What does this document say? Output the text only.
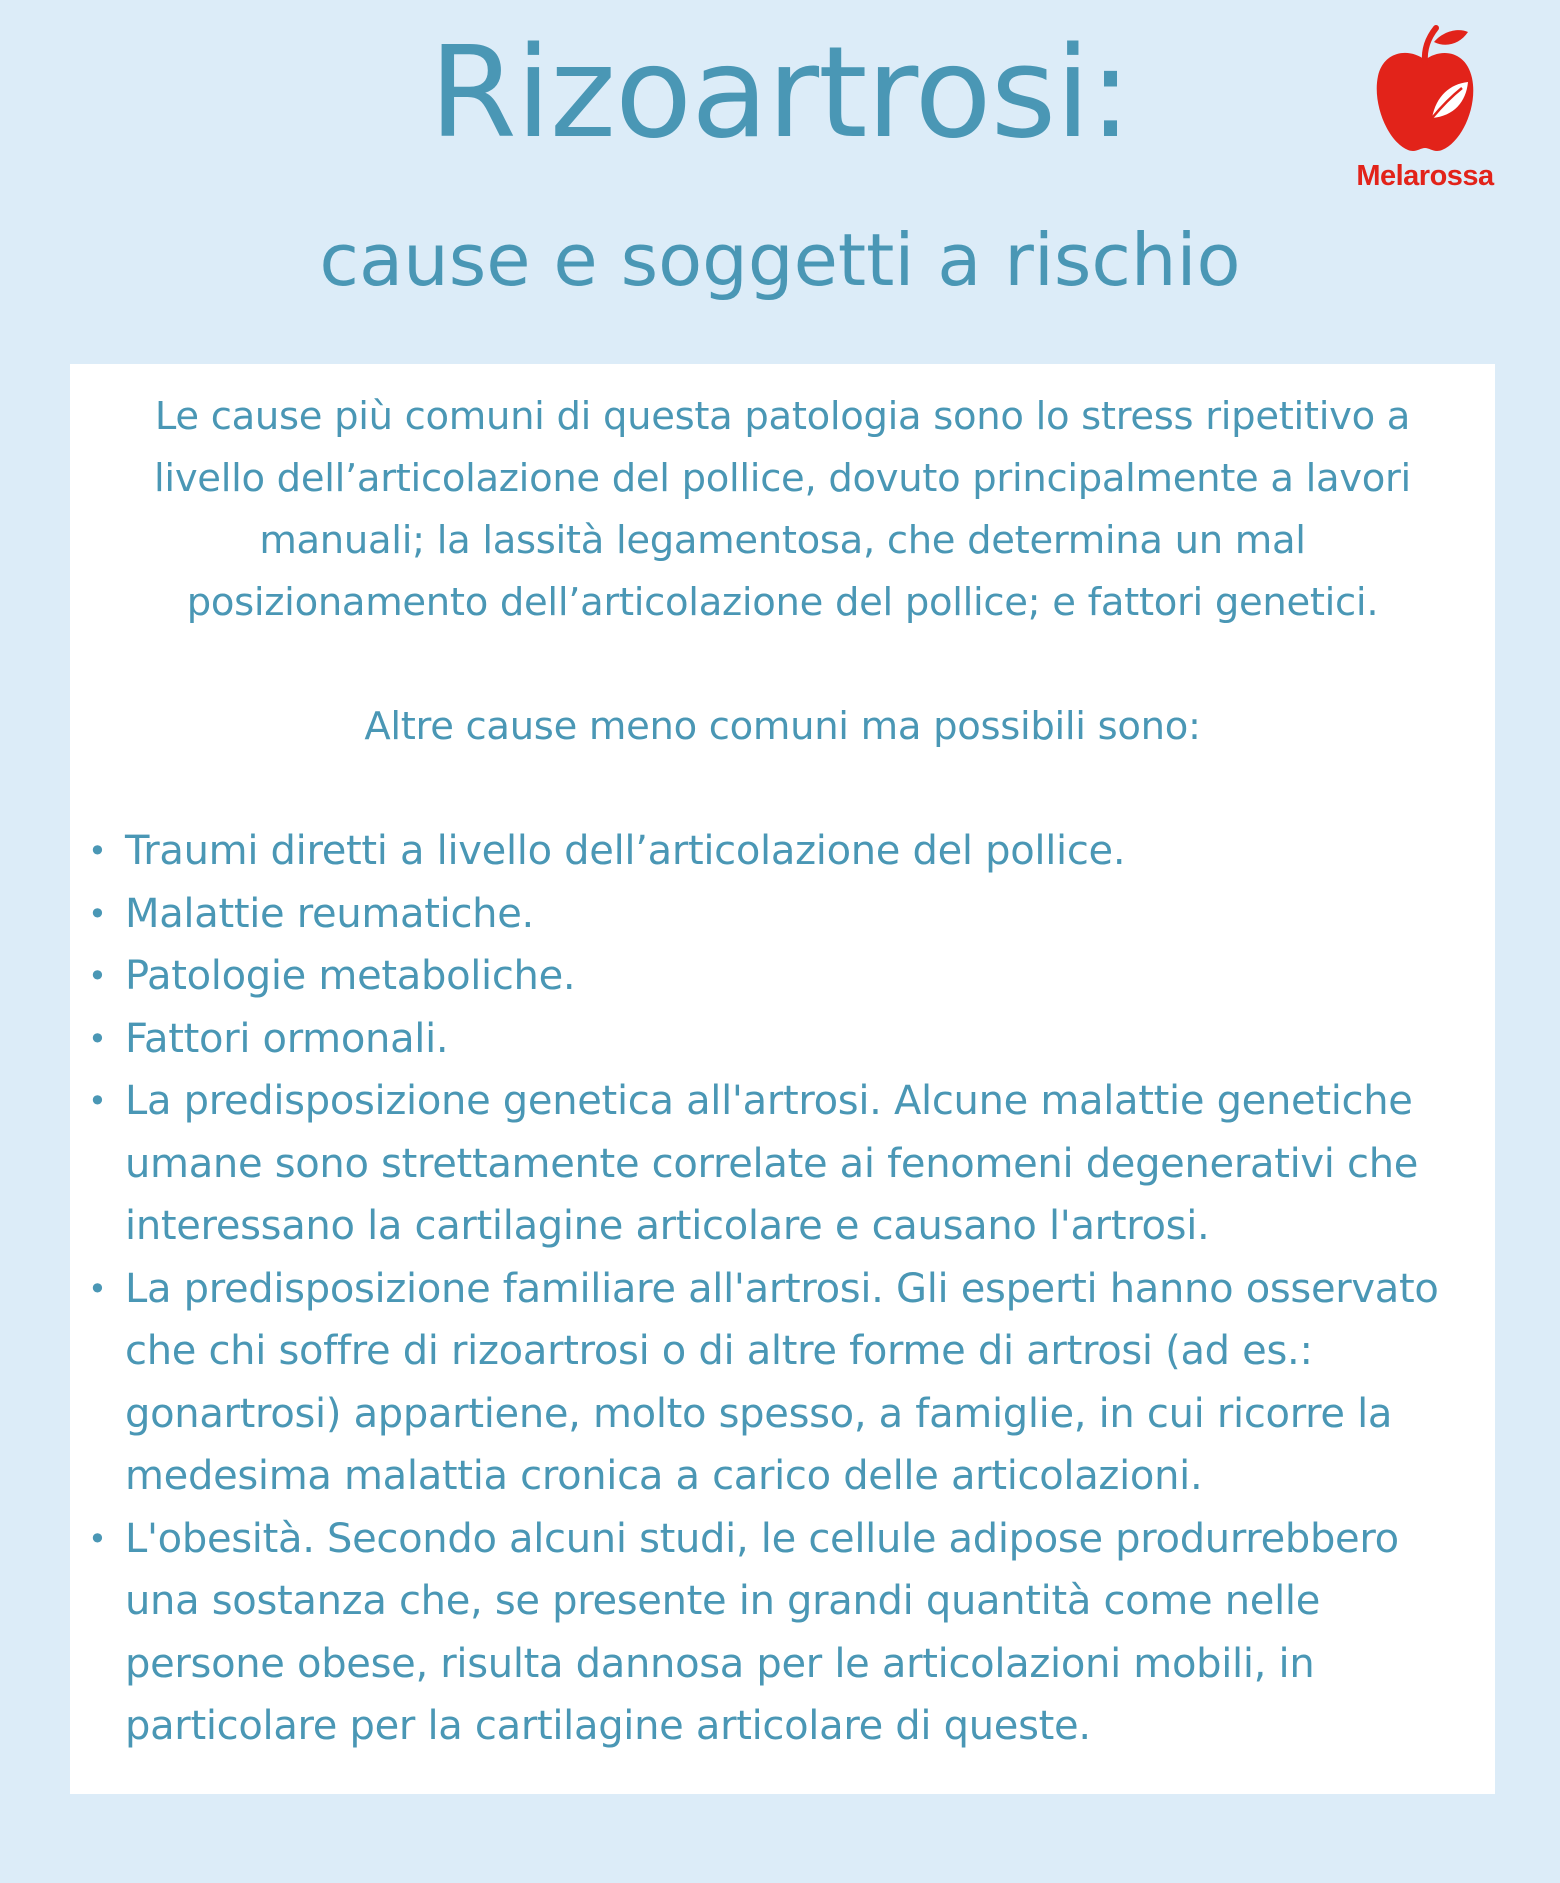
Rizoartrosi:
cause e soggetti a rischio
Melarossa

Le cause più comuni di questa patologia sono lo stress ripetitivo a livello dell’articolazione del pollice, dovuto principalmente a lavori manuali; la lassità legamentosa, che determina un mal posizionamento dell’articolazione del pollice; e fattori genetici.

Altre cause meno comuni ma possibili sono:

• Traumi diretti a livello dell’articolazione del pollice.
• Malattie reumatiche.
• Patologie metaboliche.
• Fattori ormonali.
• La predisposizione genetica all'artrosi. Alcune malattie genetiche umane sono strettamente correlate ai fenomeni degenerativi che interessano la cartilagine articolare e causano l'artrosi.
• La predisposizione familiare all'artrosi. Gli esperti hanno osservato che chi soffre di rizoartrosi o di altre forme di artrosi (ad es.: gonartrosi) appartiene, molto spesso, a famiglie, in cui ricorre la medesima malattia cronica a carico delle articolazioni.
• L'obesità. Secondo alcuni studi, le cellule adipose produrrebbero una sostanza che, se presente in grandi quantità come nelle persone obese, risulta dannosa per le articolazioni mobili, in particolare per la cartilagine articolare di queste.
